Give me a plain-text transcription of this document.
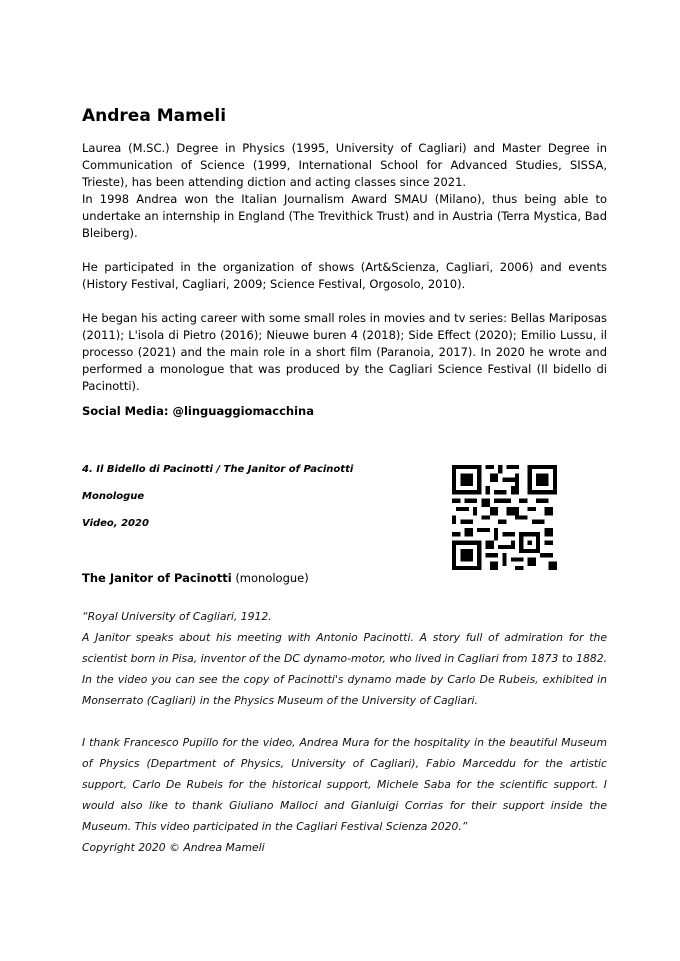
Andrea Mameli

Laurea (M.SC.) Degree in Physics (1995, University of Cagliari) and Master Degree in Communication of Science (1999, International School for Advanced Studies, SISSA, Trieste), has been attending diction and acting classes since 2021.

In 1998 Andrea won the Italian Journalism Award SMAU (Milano), thus being able to undertake an internship in England (The Trevithick Trust) and in Austria (Terra Mystica, Bad Bleiberg).

He participated in the organization of shows (Art&Scienza, Cagliari, 2006) and events (History Festival, Cagliari, 2009; Science Festival, Orgosolo, 2010).

He began his acting career with some small roles in movies and tv series: Bellas Mariposas (2011); L'isola di Pietro (2016); Nieuwe buren 4 (2018); Side Effect (2020); Emilio Lussu, il processo (2021) and the main role in a short film (Paranoia, 2017). In 2020 he wrote and performed a monologue that was produced by the Cagliari Science Festival (Il bidello di Pacinotti).

Social Media: @linguaggiomacchina

4. Il Bidello di Pacinotti / The Janitor of Pacinotti
Monologue
Video, 2020
The Janitor of Pacinotti (monologue)

“Royal University of Cagliari, 1912.

A Janitor speaks about his meeting with Antonio Pacinotti. A story full of admiration for the scientist born in Pisa, inventor of the DC dynamo-motor, who lived in Cagliari from 1873 to 1882. In the video you can see the copy of Pacinotti's dynamo made by Carlo De Rubeis, exhibited in Monserrato (Cagliari) in the Physics Museum of the University of Cagliari.

I thank Francesco Pupillo for the video, Andrea Mura for the hospitality in the beautiful Museum of Physics (Department of Physics, University of Cagliari), Fabio Marceddu for the artistic support, Carlo De Rubeis for the historical support, Michele Saba for the scientific support. I would also like to thank Giuliano Malloci and Gianluigi Corrias for their support inside the Museum. This video participated in the Cagliari Festival Scienza 2020.”

Copyright 2020 © Andrea Mameli
